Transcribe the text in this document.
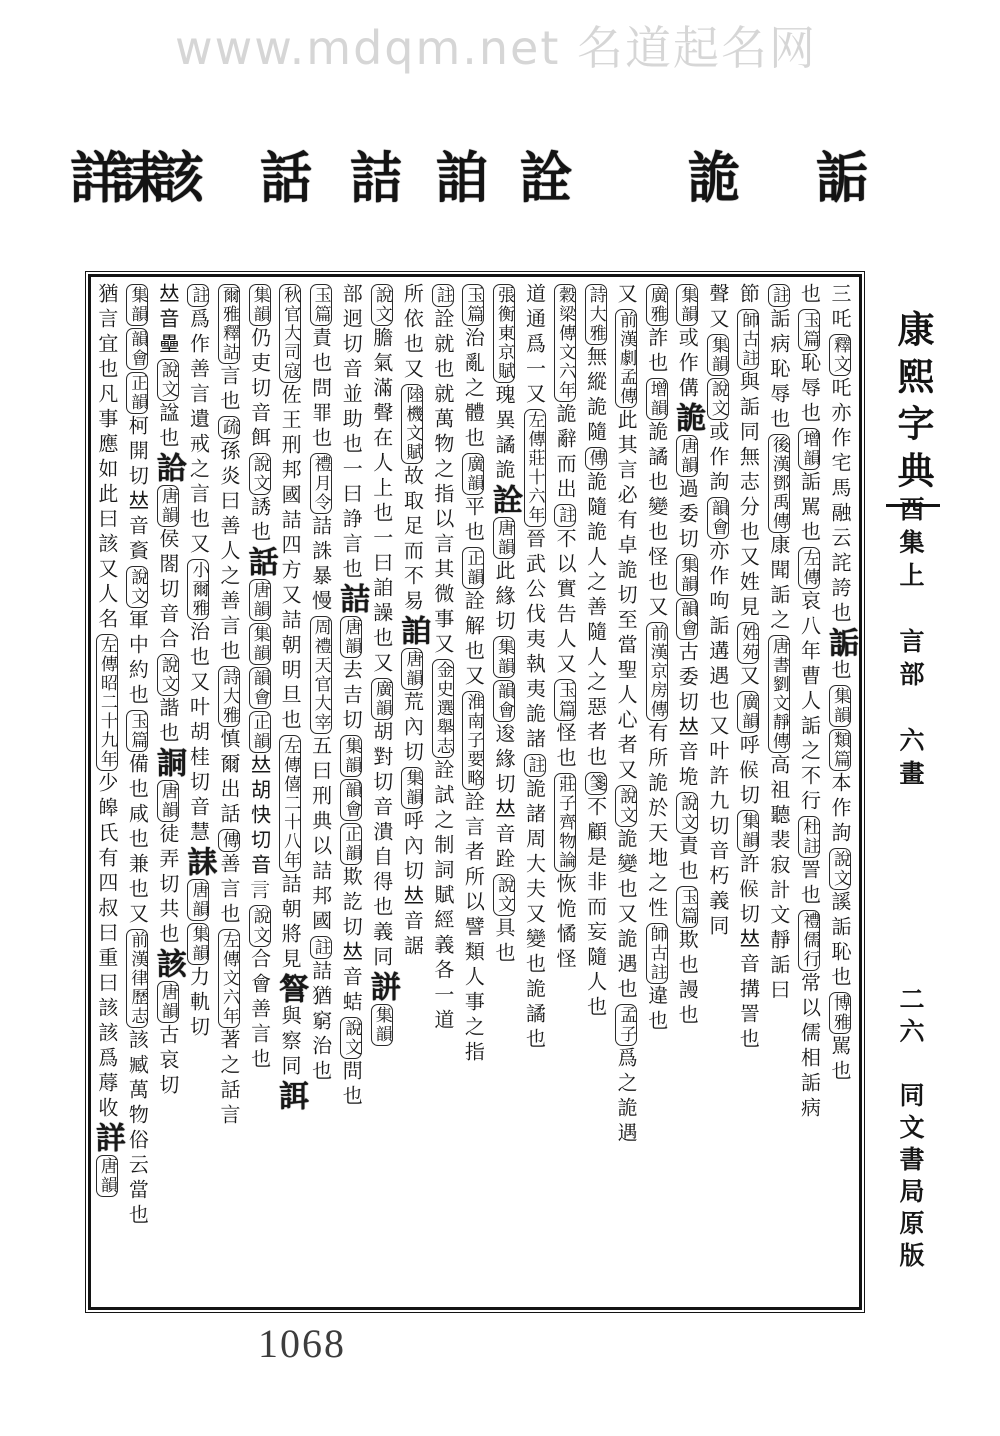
www.mdqm.net 名道起名网
詳
誄
該 話 詰 詯 詮 詭 詬
三吒釋文吒亦作宅馬融云詫誇也詬也集韻類篇本作訽說文謑詬恥也博雅駡也
也玉篇恥辱也增韻詬駡也左傳哀八年曹人詬之不行杜註詈也禮儒行常以儒相詬病
註詬病恥辱也後漢鄧禹傳康聞詬之唐書劉文靜傳高祖聽裴寂計文靜詬曰
節師古註與詬同無志分也又姓見姓苑又廣韻呼𠋫切集韻許𠋫切𠀤音搆詈也
聲又集韻說文或作訽韻會亦作呴詬遘遇也又叶許九切音朽義同
集韻或作傋詭唐韻過委切集韻韻會古委切𠀤音垝說文責也玉篇欺也謾也
廣雅詐也增韻詭譎也變也怪也又前漢京房傳有所詭於天地之性師古註違也
又前漢劇孟傳此其言必有卓詭切至當聖人心者又說文詭變也又詭遇也孟子爲之詭遇
詩大雅無縱詭隨傳詭隨詭人之善隨人之惡者也箋不顧是非而妄隨人也
穀梁傳文六年詭辭而出註不以實告人又玉篇怪也莊子齊物論恢恑憰怪
道通爲一又左傳莊十六年晉武公伐夷執夷詭諸註詭諸周大夫又變也詭譎也
張衡東京賦瑰異譎詭詮唐韻此緣切集韻韻會逡緣切𠀤音跧說文具也
玉篇治亂之體也廣韻平也正韻詮解也又淮南子要略詮言者所以譬類人事之指
註詮就也就萬物之指以言其微事又金史選舉志詮試之制詞賦經義各一道
所依也又陸機文賦故取足而不易詯唐韻荒內切集韻呼內切𠀤音䛯
說文膽氣滿聲在人上也一曰詯譟也又廣韻胡對切音潰自得也義同誁集韻
部迥切音並助也一曰諍言也詰唐韻去吉切集韻韻會正韻欺訖切𠀤音蛣說文問也
玉篇責也問罪也禮月令詰誅暴慢周禮天官大宰五曰刑典以詰邦國註詰猶窮治也
秋官大司寇佐王刑邦國詰四方又詰朝明旦也左傳僖二十八年詰朝將見詧與察同誀
集韻仍吏切音餌說文誘也話唐韻集韻韻會正韻𠀤胡快切音𧥛說文合會善言也
爾雅釋詁言也疏孫炎曰善人之善言也詩大雅慎爾出話傳善言也左傳文六年著之話言
註爲作善言遺戒之言也又小爾雅治也又叶胡桂切音慧誄唐韻集韻力軌切
𠀤音壘說文諡也詥唐韻侯閤切音合說文諧也詷唐韻徒弄切共也該唐韻古哀切
集韻韻會正韻柯開切𠀤音賌說文軍中約也玉篇備也咸也兼也又前漢律歷志該臧萬物俗云當也
猶言宜也凡事應如此曰該又人名左傳昭二十九年少皞氏有四叔曰重曰該該爲蓐收詳唐韻
康熙字典
酉集上　言部　六畫
二六　同文書局原版
1068
